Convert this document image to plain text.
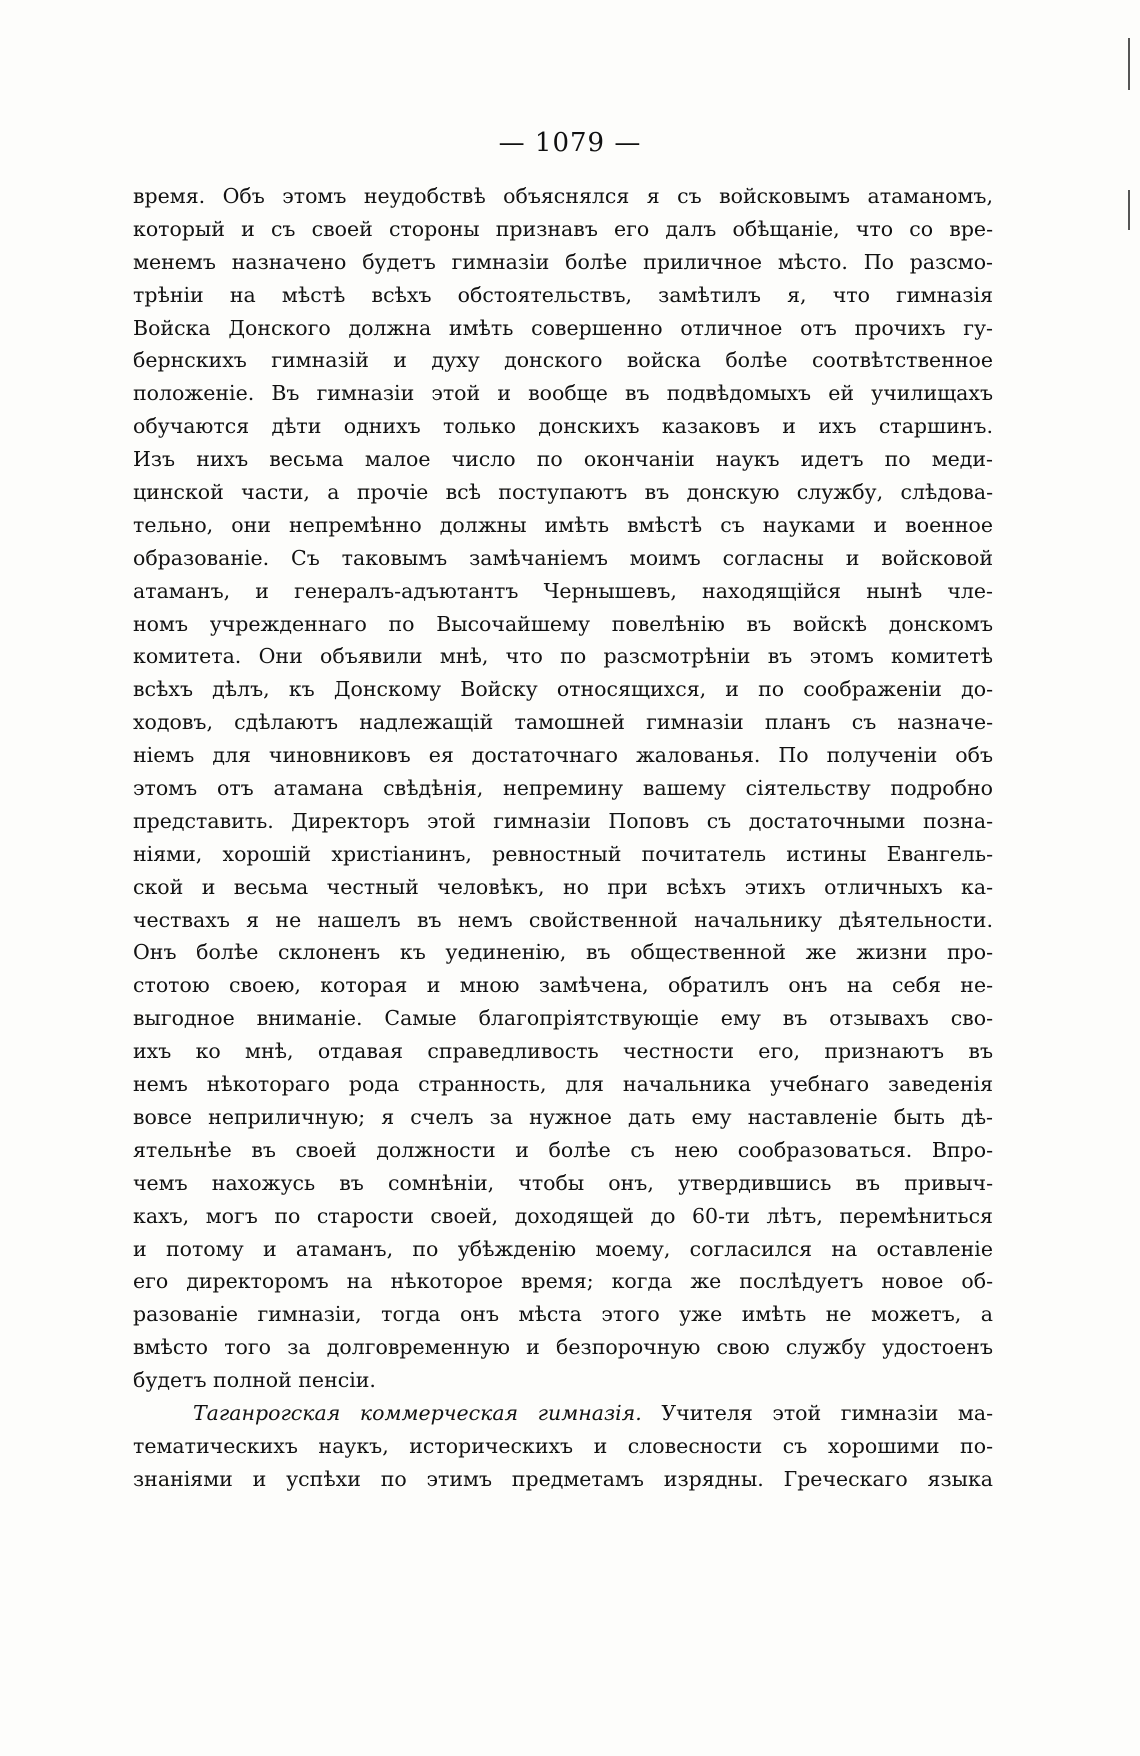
— 1079 —
время. Объ этомъ неудобствѣ объяснялся я съ войсковымъ атаманомъ,
который и съ своей стороны признавъ его далъ обѣщаніе, что со вре-
менемъ назначено будетъ гимназіи болѣе приличное мѣсто. По разсмо-
трѣніи на мѣстѣ всѣхъ обстоятельствъ, замѣтилъ я, что гимназія
Войска Донского должна имѣть совершенно отличное отъ прочихъ гу-
бернскихъ гимназій и духу донского войска болѣе соотвѣтственное
положеніе. Въ гимназіи этой и вообще въ подвѣдомыхъ ей училищахъ
обучаются дѣти однихъ только донскихъ казаковъ и ихъ старшинъ.
Изъ нихъ весьма малое число по окончаніи наукъ идетъ по меди-
цинской части, а прочіе всѣ поступаютъ въ донскую службу, слѣдова-
тельно, они непремѣнно должны имѣть вмѣстѣ съ науками и военное
образованіе. Съ таковымъ замѣчаніемъ моимъ согласны и войсковой
атаманъ, и генералъ-адъютантъ Чернышевъ, находящійся нынѣ чле-
номъ учрежденнаго по Высочайшему повелѣнію въ войскѣ донскомъ
комитета. Они объявили мнѣ, что по разсмотрѣніи въ этомъ комитетѣ
всѣхъ дѣлъ, къ Донскому Войску относящихся, и по соображеніи до-
ходовъ, сдѣлаютъ надлежащій тамошней гимназіи планъ съ назначе-
ніемъ для чиновниковъ ея достаточнаго жалованья. По полученіи объ
этомъ отъ атамана свѣдѣнія, непремину вашему сіятельству подробно
представить. Директоръ этой гимназіи Поповъ съ достаточными позна-
ніями, хорошій христіанинъ, ревностный почитатель истины Евангель-
ской и весьма честный человѣкъ, но при всѣхъ этихъ отличныхъ ка-
чествахъ я не нашелъ въ немъ свойственной начальнику дѣятельности.
Онъ болѣе склоненъ къ уединенію, въ общественной же жизни про-
стотою своею, которая и мною замѣчена, обратилъ онъ на себя не-
выгодное вниманіе. Самые благопріятствующіе ему въ отзывахъ сво-
ихъ ко мнѣ, отдавая справедливость честности его, признаютъ въ
немъ нѣкотораго рода странность, для начальника учебнаго заведенія
вовсе неприличную; я счелъ за нужное дать ему наставленіе быть дѣ-
ятельнѣе въ своей должности и болѣе съ нею сообразоваться. Впро-
чемъ нахожусь въ сомнѣніи, чтобы онъ, утвердившись въ привыч-
кахъ, могъ по старости своей, доходящей до 60-ти лѣтъ, перемѣниться
и потому и атаманъ, по убѣжденію моему, согласился на оставленіе
его директоромъ на нѣкоторое время; когда же послѣдуетъ новое об-
разованіе гимназіи, тогда онъ мѣста этого уже имѣть не можетъ, а
вмѣсто того за долговременную и безпорочную свою службу удостоенъ
будетъ полной пенсіи.
Таганрогская коммерческая гимназія. Учителя этой гимназіи ма-
тематическихъ наукъ, историческихъ и словесности съ хорошими по-
знаніями и успѣхи по этимъ предметамъ изрядны. Греческаго языка
